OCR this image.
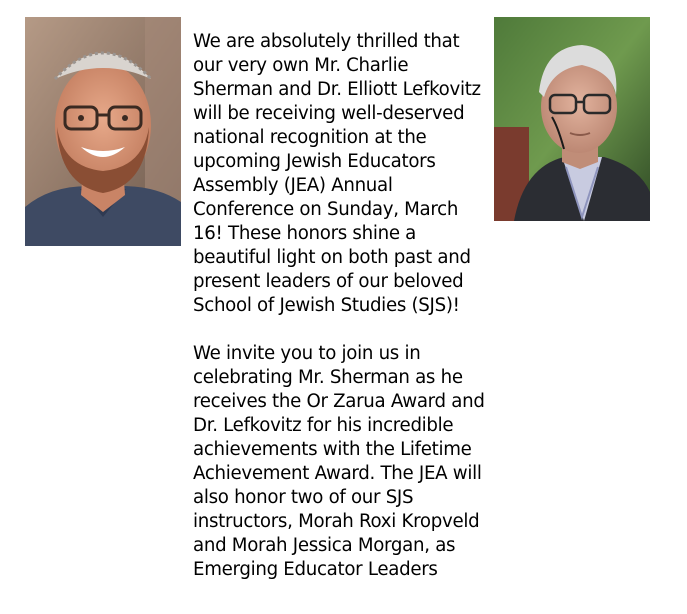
We are absolutely thrilled that our very own Mr. Charlie Sherman and Dr. Elliott Lefkovitz will be receiving well-deserved national recognition at the upcoming Jewish Educators Assembly (JEA) Annual Conference on Sunday, March 16! These honors shine a beautiful light on both past and present leaders of our beloved School of Jewish Studies (SJS)!

We invite you to join us in celebrating Mr. Sherman as he receives the Or Zarua Award and Dr. Lefkovitz for his incredible achievements with the Lifetime Achievement Award. The JEA will also honor two of our SJS instructors, Morah Roxi Kropveld and Morah Jessica Morgan, as Emerging Educator Leaders
